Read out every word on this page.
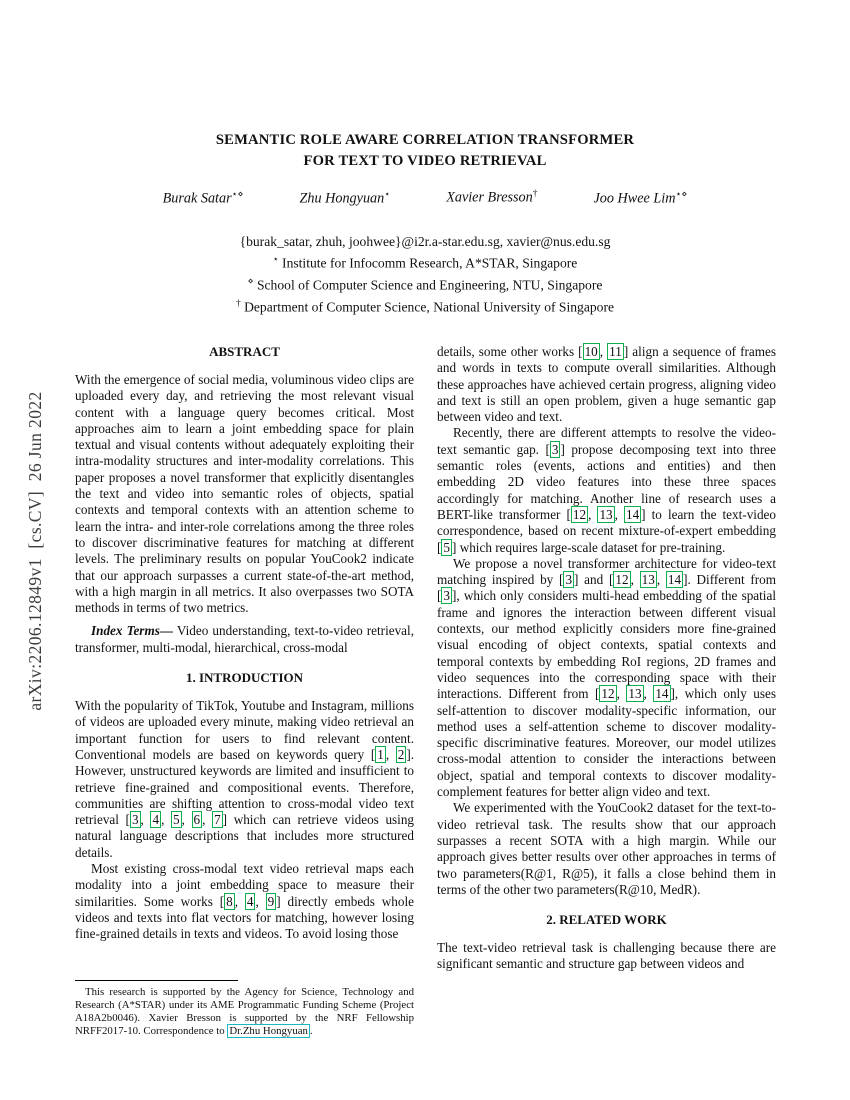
arXiv:2206.12849v1  [cs.CV]  26 Jun 2022
SEMANTIC ROLE AWARE CORRELATION TRANSFORMER
FOR TEXT TO VIDEO RETRIEVAL
Burak Satar⋆⋄	Zhu Hongyuan⋆	Xavier Bresson†	Joo Hwee Lim⋆⋄
{burak_satar, zhuh, joohwee}@i2r.a-star.edu.sg, xavier@nus.edu.sg
⋆ Institute for Infocomm Research, A*STAR, Singapore
⋄ School of Computer Science and Engineering, NTU, Singapore
† Department of Computer Science, National University of Singapore
ABSTRACT

With the emergence of social media, voluminous video clips are uploaded every day, and retrieving the most relevant visual content with a language query becomes critical. Most approaches aim to learn a joint embedding space for plain textual and visual contents without adequately exploiting their intra-modality structures and inter-modality correlations. This paper proposes a novel transformer that explicitly disentangles the text and video into semantic roles of objects, spatial contexts and temporal contexts with an attention scheme to learn the intra- and inter-role correlations among the three roles to discover discriminative features for matching at different levels. The preliminary results on popular YouCook2 indicate that our approach surpasses a current state-of-the-art method, with a high margin in all metrics. It also overpasses two SOTA methods in terms of two metrics.

Index Terms— Video understanding, text-to-video retrieval, transformer, multi-modal, hierarchical, cross-modal

1. INTRODUCTION

With the popularity of TikTok, Youtube and Instagram, millions of videos are uploaded every minute, making video retrieval an important function for users to find relevant content. Conventional models are based on keywords query [ 1 , 2 ]. However, unstructured keywords are limited and insufficient to retrieve fine-grained and compositional events. Therefore, communities are shifting attention to cross-modal video text retrieval [ 3 , 4 , 5 , 6 , 7 ] which can retrieve videos using natural language descriptions that includes more structured details.

Most existing cross-modal text video retrieval maps each modality into a joint embedding space to measure their similarities. Some works [ 8 , 4 , 9 ] directly embeds whole videos and texts into flat vectors for matching, however losing fine-grained details in texts and videos. To avoid losing those

details, some other works [ 10 , 11 ] align a sequence of frames and words in texts to compute overall similarities. Although these approaches have achieved certain progress, aligning video and text is still an open problem, given a huge semantic gap between video and text.

Recently, there are different attempts to resolve the video-text semantic gap. [ 3 ] propose decomposing text into three semantic roles (events, actions and entities) and then embedding 2D video features into these three spaces accordingly for matching. Another line of research uses a BERT-like transformer [ 12 , 13 , 14 ] to learn the text-video correspondence, based on recent mixture-of-expert embedding [ 5 ] which requires large-scale dataset for pre-training.

We propose a novel transformer architecture for video-text matching inspired by [ 3 ] and [ 12 , 13 , 14 ]. Different from [ 3 ], which only considers multi-head embedding of the spatial frame and ignores the interaction between different visual contexts, our method explicitly considers more fine-grained visual encoding of object contexts, spatial contexts and temporal contexts by embedding RoI regions, 2D frames and video sequences into the corresponding space with their interactions. Different from [ 12 , 13 , 14 ], which only uses self-attention to discover modality-specific information, our method uses a self-attention scheme to discover modality-specific discriminative features. Moreover, our model utilizes cross-modal attention to consider the interactions between object, spatial and temporal contexts to discover modality-complement features for better align video and text.

We experimented with the YouCook2 dataset for the text-to-video retrieval task. The results show that our approach surpasses a recent SOTA with a high margin. While our approach gives better results over other approaches in terms of two parameters(R@1, R@5), it falls a close behind them in terms of the other two parameters(R@10, MedR).

2. RELATED WORK

The text-video retrieval task is challenging because there are significant semantic and structure gap between videos and

This research is supported by the Agency for Science, Technology and Research (A*STAR) under its AME Programmatic Funding Scheme (Project A18A2b0046). Xavier Bresson is supported by the NRF Fellowship NRFF2017-10. Correspondence to Dr.Zhu Hongyuan .
